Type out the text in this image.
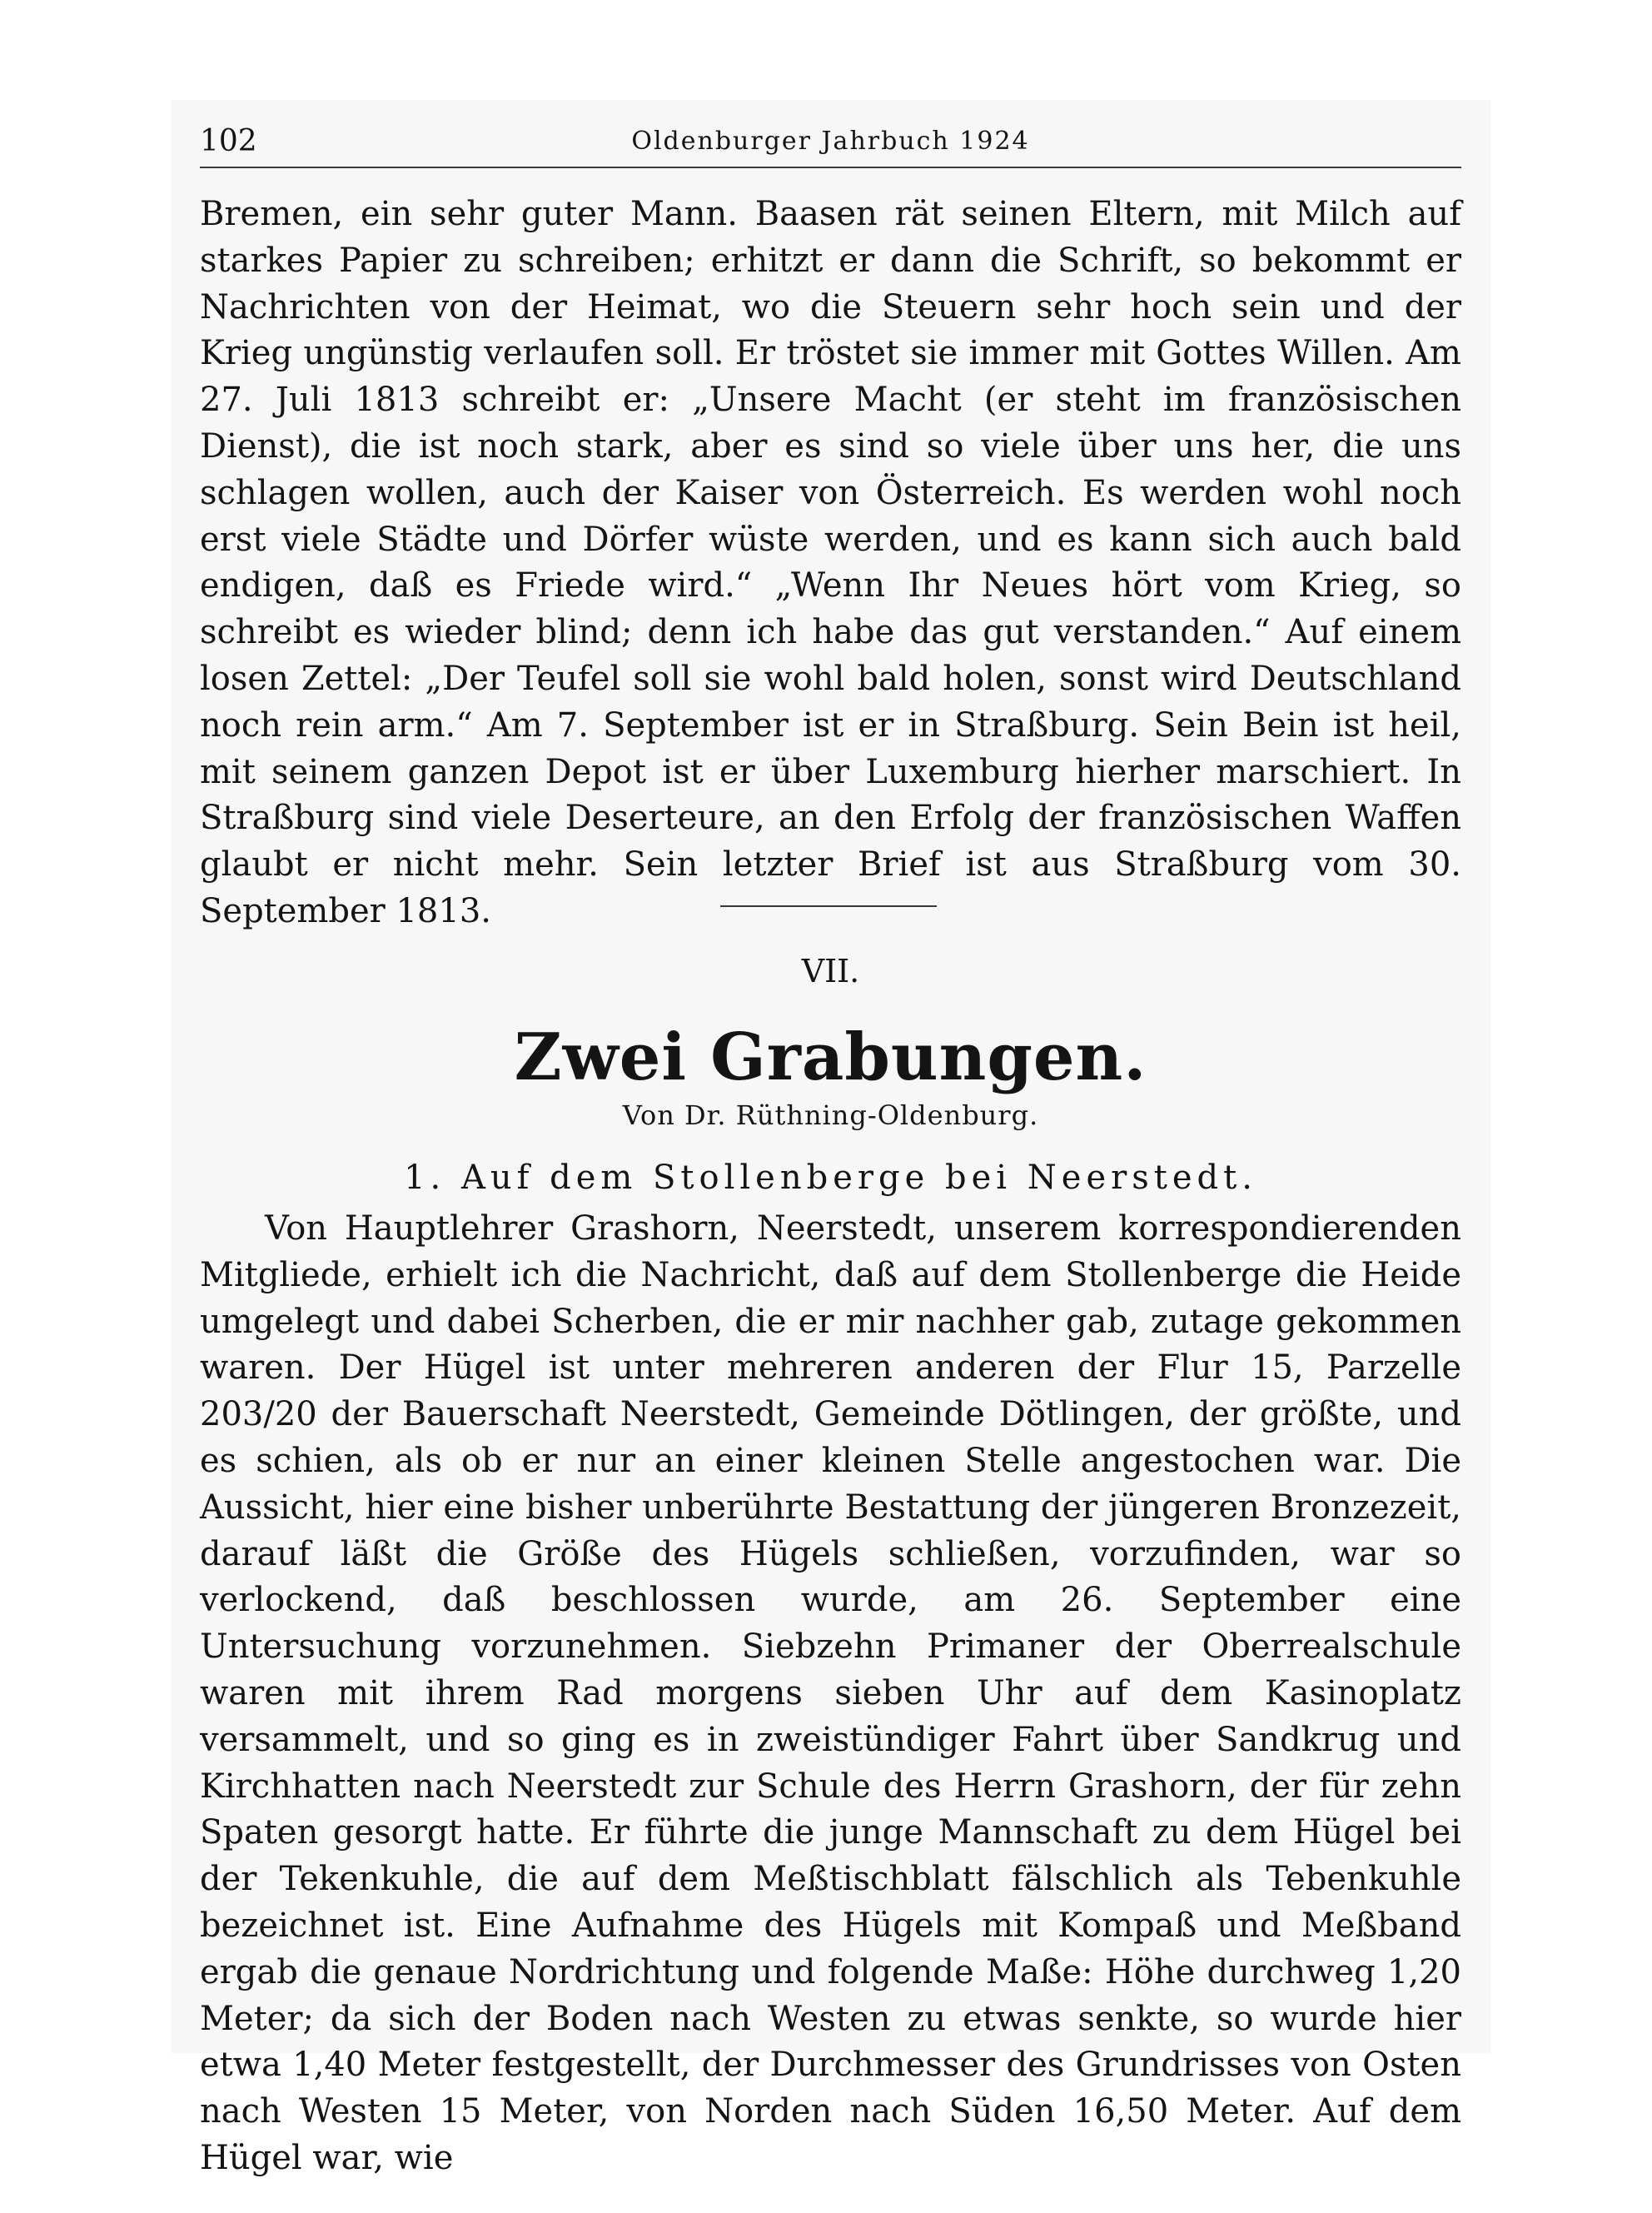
102	Oldenburger Jahrbuch 1924

Bremen, ein sehr guter Mann. Baasen rät seinen Eltern, mit Milch auf starkes Papier zu schreiben; erhitzt er dann die Schrift, so bekommt er Nachrichten von der Heimat, wo die Steuern sehr hoch sein und der Krieg ungünstig verlaufen soll. Er tröstet sie immer mit Gottes Willen. Am 27. Juli 1813 schreibt er: „Unsere Macht (er steht im französischen Dienst), die ist noch stark, aber es sind so viele über uns her, die uns schlagen wollen, auch der Kaiser von Österreich. Es werden wohl noch erst viele Städte und Dörfer wüste werden, und es kann sich auch bald endigen, daß es Friede wird.“ „Wenn Ihr Neues hört vom Krieg, so schreibt es wieder blind; denn ich habe das gut verstanden.“ Auf einem losen Zettel: „Der Teufel soll sie wohl bald holen, sonst wird Deutschland noch rein arm.“ Am 7. September ist er in Straßburg. Sein Bein ist heil, mit seinem ganzen Depot ist er über Luxemburg hierher marschiert. In Straßburg sind viele Deserteure, an den Erfolg der französischen Waffen glaubt er nicht mehr. Sein letzter Brief ist aus Straßburg vom 30. September 1813.

VII.
Zwei Grabungen.
Von Dr. Rüthning-Oldenburg.
1. Auf dem Stollenberge bei Neerstedt.

Von Hauptlehrer Grashorn, Neerstedt, unserem korrespondierenden Mitgliede, erhielt ich die Nachricht, daß auf dem Stollenberge die Heide umgelegt und dabei Scherben, die er mir nachher gab, zutage gekommen waren. Der Hügel ist unter mehreren anderen der Flur 15, Parzelle 203/20 der Bauerschaft Neerstedt, Gemeinde Dötlingen, der größte, und es schien, als ob er nur an einer kleinen Stelle angestochen war. Die Aussicht, hier eine bisher unberührte Bestattung der jüngeren Bronzezeit, darauf läßt die Größe des Hügels schließen, vorzufinden, war so verlockend, daß beschlossen wurde, am 26. September eine Untersuchung vorzunehmen. Siebzehn Primaner der Oberrealschule waren mit ihrem Rad morgens sieben Uhr auf dem Kasinoplatz versammelt, und so ging es in zweistündiger Fahrt über Sandkrug und Kirchhatten nach Neerstedt zur Schule des Herrn Grashorn, der für zehn Spaten gesorgt hatte. Er führte die junge Mannschaft zu dem Hügel bei der Tekenkuhle, die auf dem Meßtischblatt fälschlich als Tebenkuhle bezeichnet ist. Eine Aufnahme des Hügels mit Kompaß und Meßband ergab die genaue Nordrichtung und folgende Maße: Höhe durchweg 1,20 Meter; da sich der Boden nach Westen zu etwas senkte, so wurde hier etwa 1,40 Meter festgestellt, der Durchmesser des Grundrisses von Osten nach Westen 15 Meter, von Norden nach Süden 16,50 Meter. Auf dem Hügel war, wie
